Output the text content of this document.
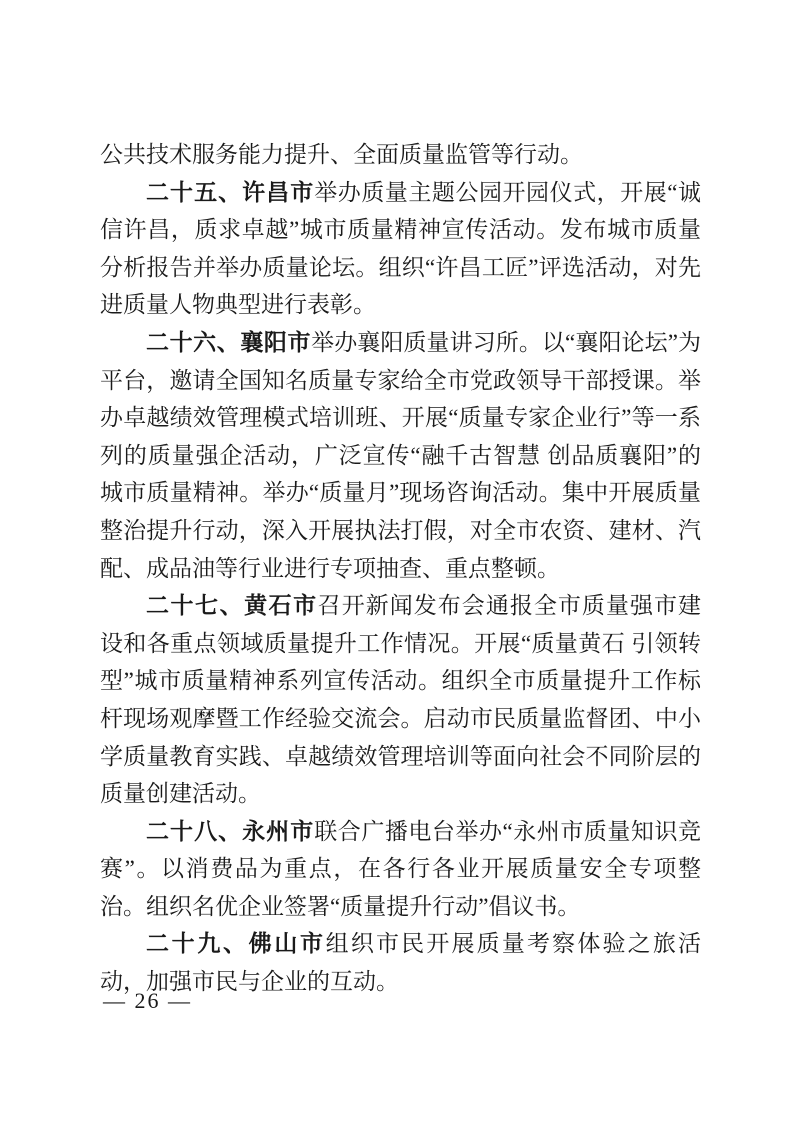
公共技术服务能力提升、全面质量监管等行动。

二十五、许昌市举办质量主题公园开园仪式，开展“诚信许昌，质求卓越”城市质量精神宣传活动。发布城市质量分析报告并举办质量论坛。组织“许昌工匠”评选活动，对先进质量人物典型进行表彰。

二十六、襄阳市举办襄阳质量讲习所。以“襄阳论坛”为平台，邀请全国知名质量专家给全市党政领导干部授课。举办卓越绩效管理模式培训班、开展“质量专家企业行”等一系列的质量强企活动，广泛宣传“融千古智慧 创品质襄阳”的城市质量精神。举办“质量月”现场咨询活动。集中开展质量整治提升行动，深入开展执法打假，对全市农资、建材、汽配、成品油等行业进行专项抽查、重点整顿。

二十七、黄石市召开新闻发布会通报全市质量强市建设和各重点领域质量提升工作情况。开展“质量黄石 引领转型”城市质量精神系列宣传活动。组织全市质量提升工作标杆现场观摩暨工作经验交流会。启动市民质量监督团、中小学质量教育实践、卓越绩效管理培训等面向社会不同阶层的质量创建活动。

二十八、永州市联合广播电台举办“永州市质量知识竞赛”。以消费品为重点，在各行各业开展质量安全专项整治。组织名优企业签署“质量提升行动”倡议书。

二十九、佛山市组织市民开展质量考察体验之旅活动，加强市民与企业的互动。

— 26 —
